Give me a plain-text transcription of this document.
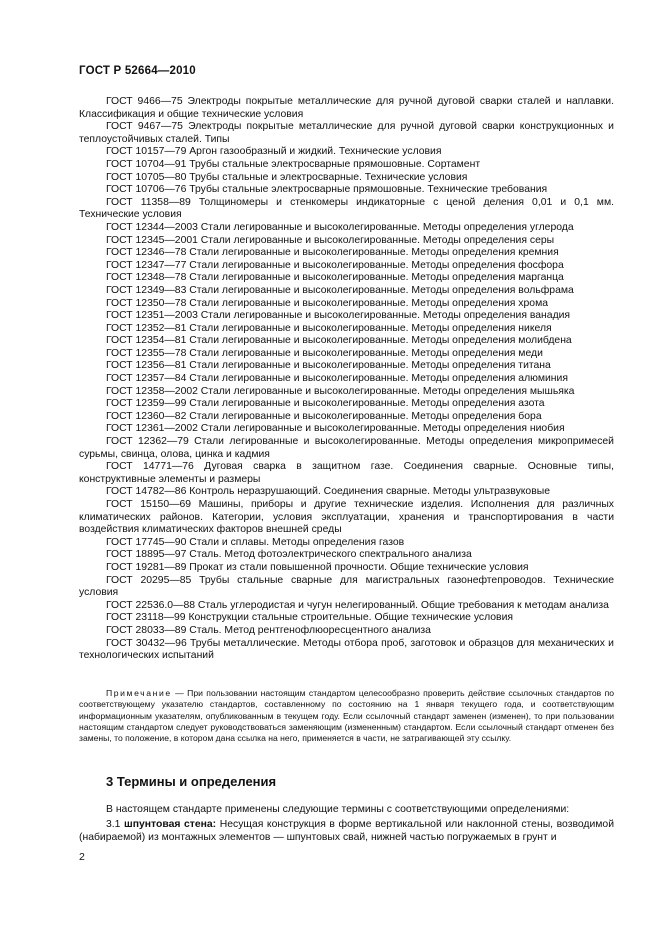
ГОСТ Р 52664—2010

ГОСТ 9466—75 Электроды покрытые металлические для ручной дуговой сварки сталей и наплавки. Классификация и общие технические условия

ГОСТ 9467—75 Электроды покрытые металлические для ручной дуговой сварки конструкционных и теплоустойчивых сталей. Типы

ГОСТ 10157—79 Аргон газообразный и жидкий. Технические условия

ГОСТ 10704—91 Трубы стальные электросварные прямошовные. Сортамент

ГОСТ 10705—80 Трубы стальные и электросварные. Технические условия

ГОСТ 10706—76 Трубы стальные электросварные прямошовные. Технические требования

ГОСТ 11358—89 Толщиномеры и стенкомеры индикаторные с ценой деления 0,01 и 0,1 мм. Технические условия

ГОСТ 12344—2003 Стали легированные и высоколегированные. Методы определения углерода

ГОСТ 12345—2001 Стали легированные и высоколегированные. Методы определения серы

ГОСТ 12346—78 Стали легированные и высоколегированные. Методы определения кремния

ГОСТ 12347—77 Стали легированные и высоколегированные. Методы определения фосфора

ГОСТ 12348—78 Стали легированные и высоколегированные. Методы определения марганца

ГОСТ 12349—83 Стали легированные и высоколегированные. Методы определения вольфрама

ГОСТ 12350—78 Стали легированные и высоколегированные. Методы определения хрома

ГОСТ 12351—2003 Стали легированные и высоколегированные. Методы определения ванадия

ГОСТ 12352—81 Стали легированные и высоколегированные. Методы определения никеля

ГОСТ 12354—81 Стали легированные и высоколегированные. Методы определения молибдена

ГОСТ 12355—78 Стали легированные и высоколегированные. Методы определения меди

ГОСТ 12356—81 Стали легированные и высоколегированные. Методы определения титана

ГОСТ 12357—84 Стали легированные и высоколегированные. Методы определения алюминия

ГОСТ 12358—2002 Стали легированные и высоколегированные. Методы определения мышьяка

ГОСТ 12359—99 Стали легированные и высоколегированные. Методы определения азота

ГОСТ 12360—82 Стали легированные и высоколегированные. Методы определения бора

ГОСТ 12361—2002 Стали легированные и высоколегированные. Методы определения ниобия

ГОСТ 12362—79 Стали легированные и высоколегированные. Методы определения микропримесей сурьмы, свинца, олова, цинка и кадмия

ГОСТ 14771—76 Дуговая сварка в защитном газе. Соединения сварные. Основные типы, конструктивные элементы и размеры

ГОСТ 14782—86 Контроль неразрушающий. Соединения сварные. Методы ультразвуковые

ГОСТ 15150—69 Машины, приборы и другие технические изделия. Исполнения для различных климатических районов. Категории, условия эксплуатации, хранения и транспортирования в части воздействия климатических факторов внешней среды

ГОСТ 17745—90 Стали и сплавы. Методы определения газов

ГОСТ 18895—97 Сталь. Метод фотоэлектрического спектрального анализа

ГОСТ 19281—89 Прокат из стали повышенной прочности. Общие технические условия

ГОСТ 20295—85 Трубы стальные сварные для магистральных газонефтепроводов. Технические условия

ГОСТ 22536.0—88 Сталь углеродистая и чугун нелегированный. Общие требования к методам анализа

ГОСТ 23118—99 Конструкции стальные строительные. Общие технические условия

ГОСТ 28033—89 Сталь. Метод рентгенофлюоресцентного анализа

ГОСТ 30432—96 Трубы металлические. Методы отбора проб, заготовок и образцов для механических и технологических испытаний

Примечание — При пользовании настоящим стандартом целесообразно проверить действие ссылочных стандартов по соответствующему указателю стандартов, составленному по состоянию на 1 января текущего года, и соответствующим информационным указателям, опубликованным в текущем году. Если ссылочный стандарт заменен (изменен), то при пользовании настоящим стандартом следует руководствоваться заменяющим (измененным) стандартом. Если ссылочный стандарт отменен без замены, то положение, в котором дана ссылка на него, применяется в части, не затрагивающей эту ссылку.

3 Термины и определения

В настоящем стандарте применены следующие термины с соответствующими определениями:

3.1 шпунтовая стена: Несущая конструкция в форме вертикальной или наклонной стены, возводимой (набираемой) из монтажных элементов — шпунтовых свай, нижней частью погружаемых в грунт и

2
